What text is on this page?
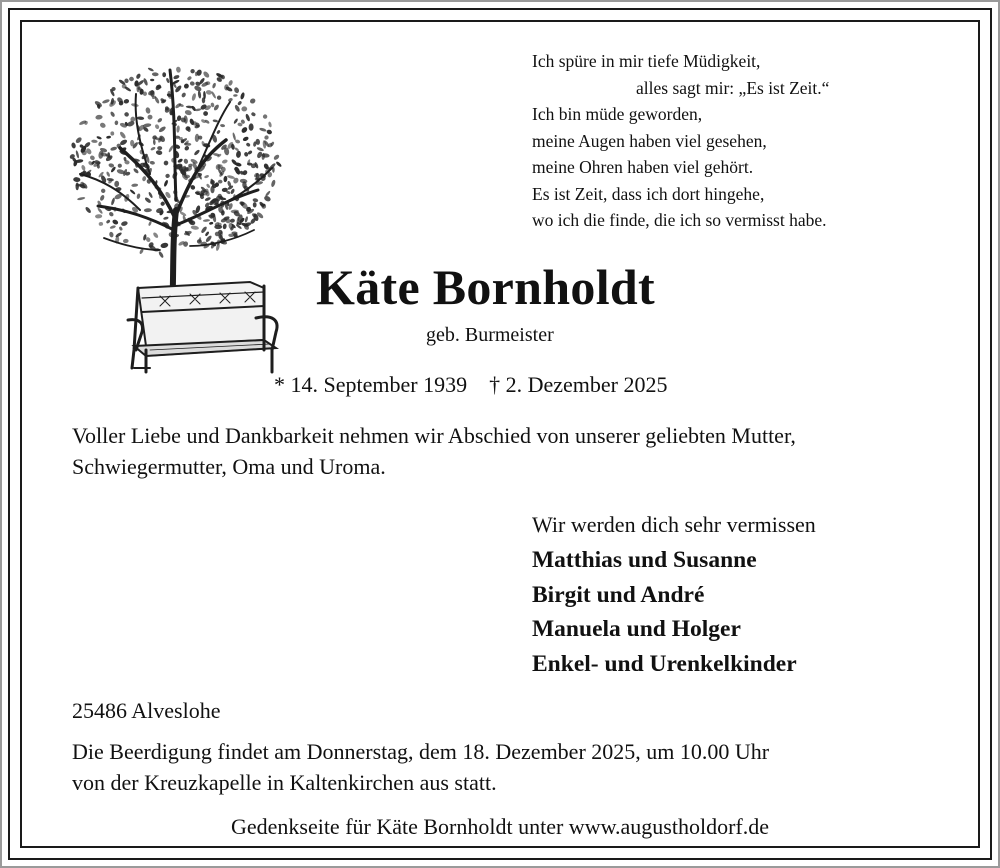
Ich spüre in mir tiefe Müdigkeit,
alles sagt mir: „Es ist Zeit.“
Ich bin müde geworden,
meine Augen haben viel gesehen,
meine Ohren haben viel gehört.
Es ist Zeit, dass ich dort hingehe,
wo ich die finde, die ich so vermisst habe.
Käte Bornholdt
geb. Burmeister
* 14. September 1939 † 2. Dezember 2025
Voller Liebe und Dankbarkeit nehmen wir Abschied von unserer geliebten Mutter,
Schwiegermutter, Oma und Uroma.
Wir werden dich sehr vermissen
Matthias und Susanne
Birgit und André
Manuela und Holger
Enkel- und Urenkelkinder
25486 Alveslohe
Die Beerdigung findet am Donnerstag, dem 18. Dezember 2025, um 10.00 Uhr
von der Kreuzkapelle in Kaltenkirchen aus statt.
Gedenkseite für Käte Bornholdt unter www.augustholdorf.de
